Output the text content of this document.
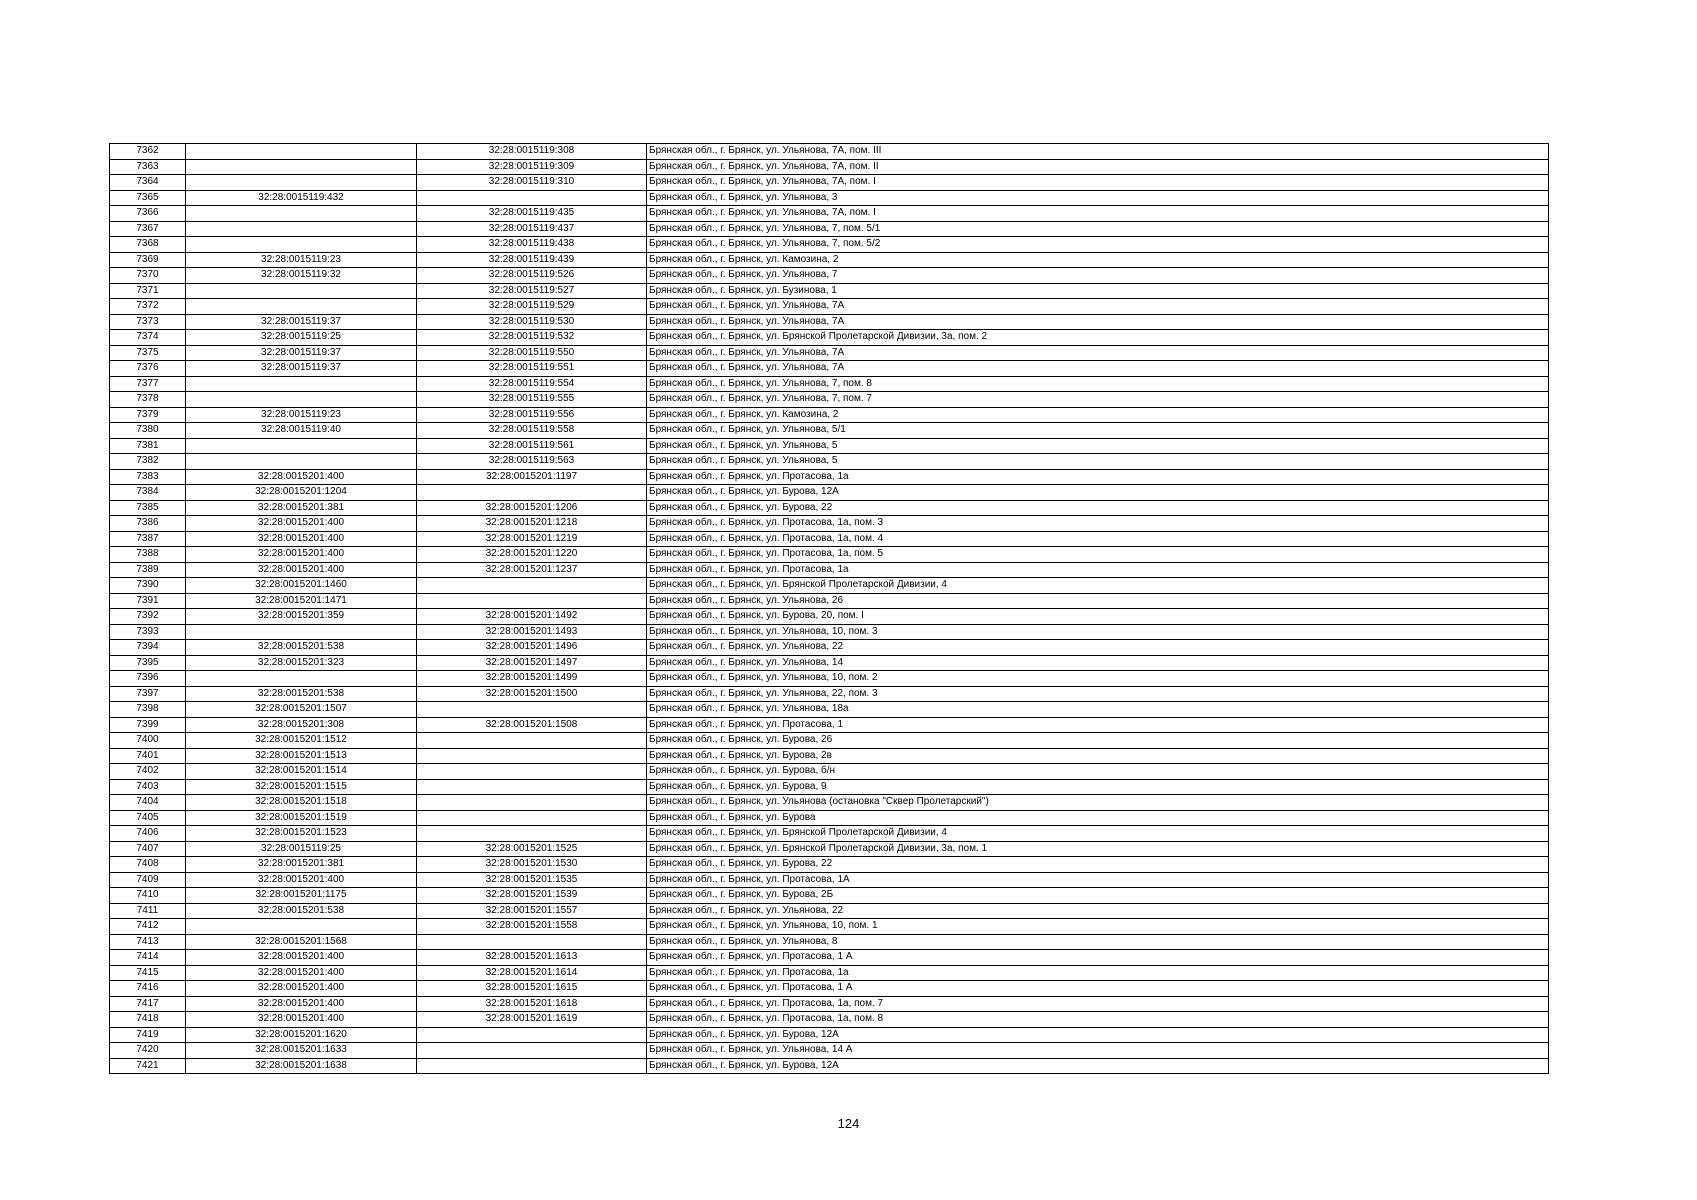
7362		32:28:0015119:308	Брянская обл., г. Брянск, ул. Ульянова, 7А, пом. III
7363		32:28:0015119:309	Брянская обл., г. Брянск, ул. Ульянова, 7А, пом. II
7364		32:28:0015119:310	Брянская обл., г. Брянск, ул. Ульянова, 7А, пом. I
7365	32:28:0015119:432		Брянская обл., г. Брянск, ул. Ульянова, 3
7366		32:28:0015119:435	Брянская обл., г. Брянск, ул. Ульянова, 7А, пом. I
7367		32:28:0015119:437	Брянская обл., г. Брянск, ул. Ульянова, 7, пом. 5/1
7368		32:28:0015119:438	Брянская обл., г. Брянск, ул. Ульянова, 7, пом. 5/2
7369	32:28:0015119:23	32:28:0015119:439	Брянская обл., г. Брянск, ул. Камозина, 2
7370	32:28:0015119:32	32:28:0015119:526	Брянская обл., г. Брянск, ул. Ульянова, 7
7371		32:28:0015119:527	Брянская обл., г. Брянск, ул. Бузинова, 1
7372		32:28:0015119:529	Брянская обл., г. Брянск, ул. Ульянова, 7А
7373	32:28:0015119:37	32:28:0015119:530	Брянская обл., г. Брянск, ул. Ульянова, 7А
7374	32:28:0015119:25	32:28:0015119:532	Брянская обл., г. Брянск, ул. Брянской Пролетарской Дивизии, 3а, пом. 2
7375	32:28:0015119:37	32:28:0015119:550	Брянская обл., г. Брянск, ул. Ульянова, 7А
7376	32:28:0015119:37	32:28:0015119:551	Брянская обл., г. Брянск, ул. Ульянова, 7А
7377		32:28:0015119:554	Брянская обл., г. Брянск, ул. Ульянова, 7, пом. 8
7378		32:28:0015119:555	Брянская обл., г. Брянск, ул. Ульянова, 7, пом. 7
7379	32:28:0015119:23	32:28:0015119:556	Брянская обл., г. Брянск, ул. Камозина, 2
7380	32:28:0015119:40	32:28:0015119:558	Брянская обл., г. Брянск, ул. Ульянова, 5/1
7381		32:28:0015119:561	Брянская обл., г. Брянск, ул. Ульянова, 5
7382		32:28:0015119:563	Брянская обл., г. Брянск, ул. Ульянова, 5
7383	32:28:0015201:400	32:28:0015201:1197	Брянская обл., г. Брянск, ул. Протасова, 1а
7384	32:28:0015201:1204		Брянская обл., г. Брянск, ул. Бурова, 12А
7385	32:28:0015201:381	32:28:0015201:1206	Брянская обл., г. Брянск, ул. Бурова, 22
7386	32:28:0015201:400	32:28:0015201:1218	Брянская обл., г. Брянск, ул. Протасова, 1а, пом. 3
7387	32:28:0015201:400	32:28:0015201:1219	Брянская обл., г. Брянск, ул. Протасова, 1а, пом. 4
7388	32:28:0015201:400	32:28:0015201:1220	Брянская обл., г. Брянск, ул. Протасова, 1а, пом. 5
7389	32:28:0015201:400	32:28:0015201:1237	Брянская обл., г. Брянск, ул. Протасова, 1а
7390	32:28:0015201:1460		Брянская обл., г. Брянск, ул. Брянской Пролетарской Дивизии, 4
7391	32:28:0015201:1471		Брянская обл., г. Брянск, ул. Ульянова, 26
7392	32:28:0015201:359	32:28:0015201:1492	Брянская обл., г. Брянск, ул. Бурова, 20, пом. I
7393		32:28:0015201:1493	Брянская обл., г. Брянск, ул. Ульянова, 10, пом. 3
7394	32:28:0015201:538	32:28:0015201:1496	Брянская обл., г. Брянск, ул. Ульянова, 22
7395	32:28:0015201:323	32:28:0015201:1497	Брянская обл., г. Брянск, ул. Ульянова, 14
7396		32:28:0015201:1499	Брянская обл., г. Брянск, ул. Ульянова, 10, пом. 2
7397	32:28:0015201:538	32:28:0015201:1500	Брянская обл., г. Брянск, ул. Ульянова, 22, пом. 3
7398	32:28:0015201:1507		Брянская обл., г. Брянск, ул. Ульянова, 18а
7399	32:28:0015201:308	32:28:0015201:1508	Брянская обл., г. Брянск, ул. Протасова, 1
7400	32:28:0015201:1512		Брянская обл., г. Брянск, ул. Бурова, 26
7401	32:28:0015201:1513		Брянская обл., г. Брянск, ул. Бурова, 2в
7402	32:28:0015201:1514		Брянская обл., г. Брянск, ул. Бурова, б/н
7403	32:28:0015201:1515		Брянская обл., г. Брянск, ул. Бурова, 9
7404	32:28:0015201:1518		Брянская обл., г. Брянск, ул. Ульянова (остановка "Сквер Пролетарский")
7405	32:28:0015201:1519		Брянская обл., г. Брянск, ул. Бурова
7406	32:28:0015201:1523		Брянская обл., г. Брянск, ул. Брянской Пролетарской Дивизии, 4
7407	32:28:0015119:25	32:28:0015201:1525	Брянская обл., г. Брянск, ул. Брянской Пролетарской Дивизии, 3а, пом. 1
7408	32:28:0015201:381	32:28:0015201:1530	Брянская обл., г. Брянск, ул. Бурова, 22
7409	32:28:0015201:400	32:28:0015201:1535	Брянская обл., г. Брянск, ул. Протасова, 1А
7410	32:28:0015201:1175	32:28:0015201:1539	Брянская обл., г. Брянск, ул. Бурова, 2Б
7411	32:28:0015201:538	32:28:0015201:1557	Брянская обл., г. Брянск, ул. Ульянова, 22
7412		32:28:0015201:1558	Брянская обл., г. Брянск, ул. Ульянова, 10, пом. 1
7413	32:28:0015201:1568		Брянская обл., г. Брянск, ул. Ульянова, 8
7414	32:28:0015201:400	32:28:0015201:1613	Брянская обл., г. Брянск, ул. Протасова, 1 А
7415	32:28:0015201:400	32:28:0015201:1614	Брянская обл., г. Брянск, ул. Протасова, 1а
7416	32:28:0015201:400	32:28:0015201:1615	Брянская обл., г. Брянск, ул. Протасова, 1 А
7417	32:28:0015201:400	32:28:0015201:1618	Брянская обл., г. Брянск, ул. Протасова, 1а, пом. 7
7418	32:28:0015201:400	32:28:0015201:1619	Брянская обл., г. Брянск, ул. Протасова, 1а, пом. 8
7419	32:28:0015201:1620		Брянская обл., г. Брянск, ул. Бурова, 12А
7420	32:28:0015201:1633		Брянская обл., г. Брянск, ул. Ульянова, 14 А
7421	32:28:0015201:1638		Брянская обл., г. Брянск, ул. Бурова, 12А
124
